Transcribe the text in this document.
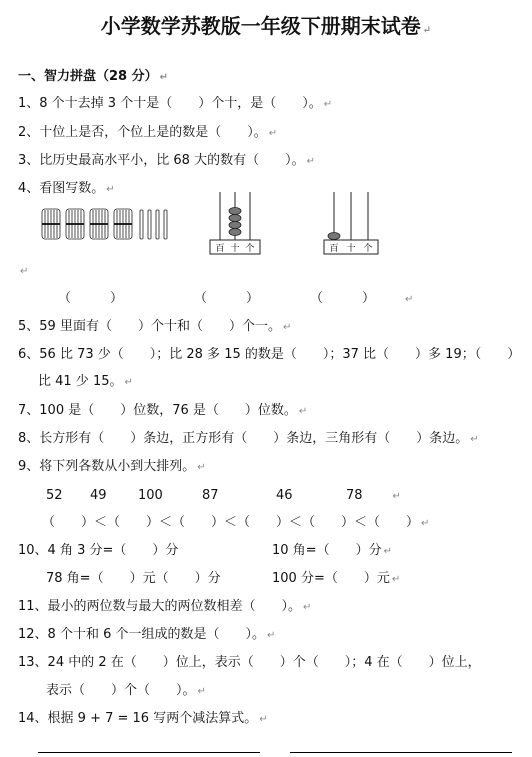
小学数学苏教版一年级下册期末试卷 ↵
一、智力拼盘（28 分） ↵
1、8 个十去掉 3 个十是（　　）个十，是（　　）。 ↵
2、十位上是否，个位上是的数是（　　）。 ↵
3、比历史最高水平小，比 68 大的数有（　　）。 ↵
4、看图写数。 ↵
百 十 个	百 十 个
↵
（　　　）	（　　　）	（　　　）	↵
5、59 里面有（　　）个十和（　　）个一。 ↵
6、56 比 73 少（　　）；比 28 多 15 的数是（　　）；37 比（　　）多 19；（　　）
比 41 少 15。 ↵
7、100 是（　　）位数，76 是（　　）位数。 ↵
8、长方形有（　　）条边，正方形有（　　）条边，三角形有（　　）条边。 ↵
9、将下列各数从小到大排列。 ↵
52 49 100	87	46	78	↵
（　　）＜（　　）＜（　　）＜（　　）＜（　　）＜（　　） ↵
10、4 角 3 分=（　　）分	10 角=（　　）分 ↵
78 角=（　　）元（　　）分	100 分=（　　）元 ↵
11、最小的两位数与最大的两位数相差（　　）。 ↵
12、8 个十和 6 个一组成的数是（　　）。 ↵
13、24 中的 2 在（　　）位上，表示（　　）个（　　）；4 在（　　）位上，
表示（　　）个（　　）。 ↵
14、根据 9 + 7 = 16 写两个减法算式。 ↵
